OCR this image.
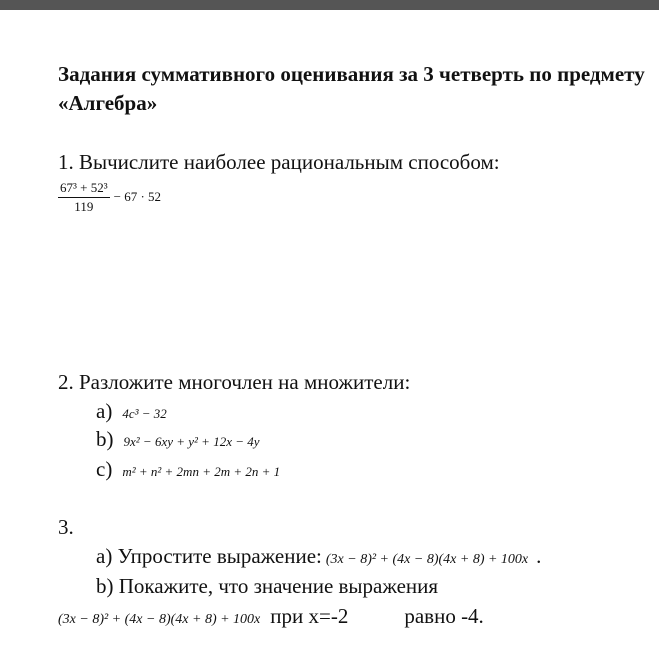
Задания суммативного оценивания за 3 четверть по предмету «Алгебра»
1. Вычислите наиболее рациональным способом:
$\frac{\text{67³ + 52³}}{119} - 67 \cdot 52$
2. Разложите многочлен на множители:
a) 4c³ − 32
b) 9x² − 6xy + y² + 12x − 4y
c) m² + n² + 2mn + 2m + 2n + 1
3.
a) Упростите выражение: (3x − 8)² + (4x − 8)(4x + 8) + 100x .
b) Покажите, что значение выражения
(3x − 8)² + (4x − 8)(4x + 8) + 100x при x=-2	равно -4.
